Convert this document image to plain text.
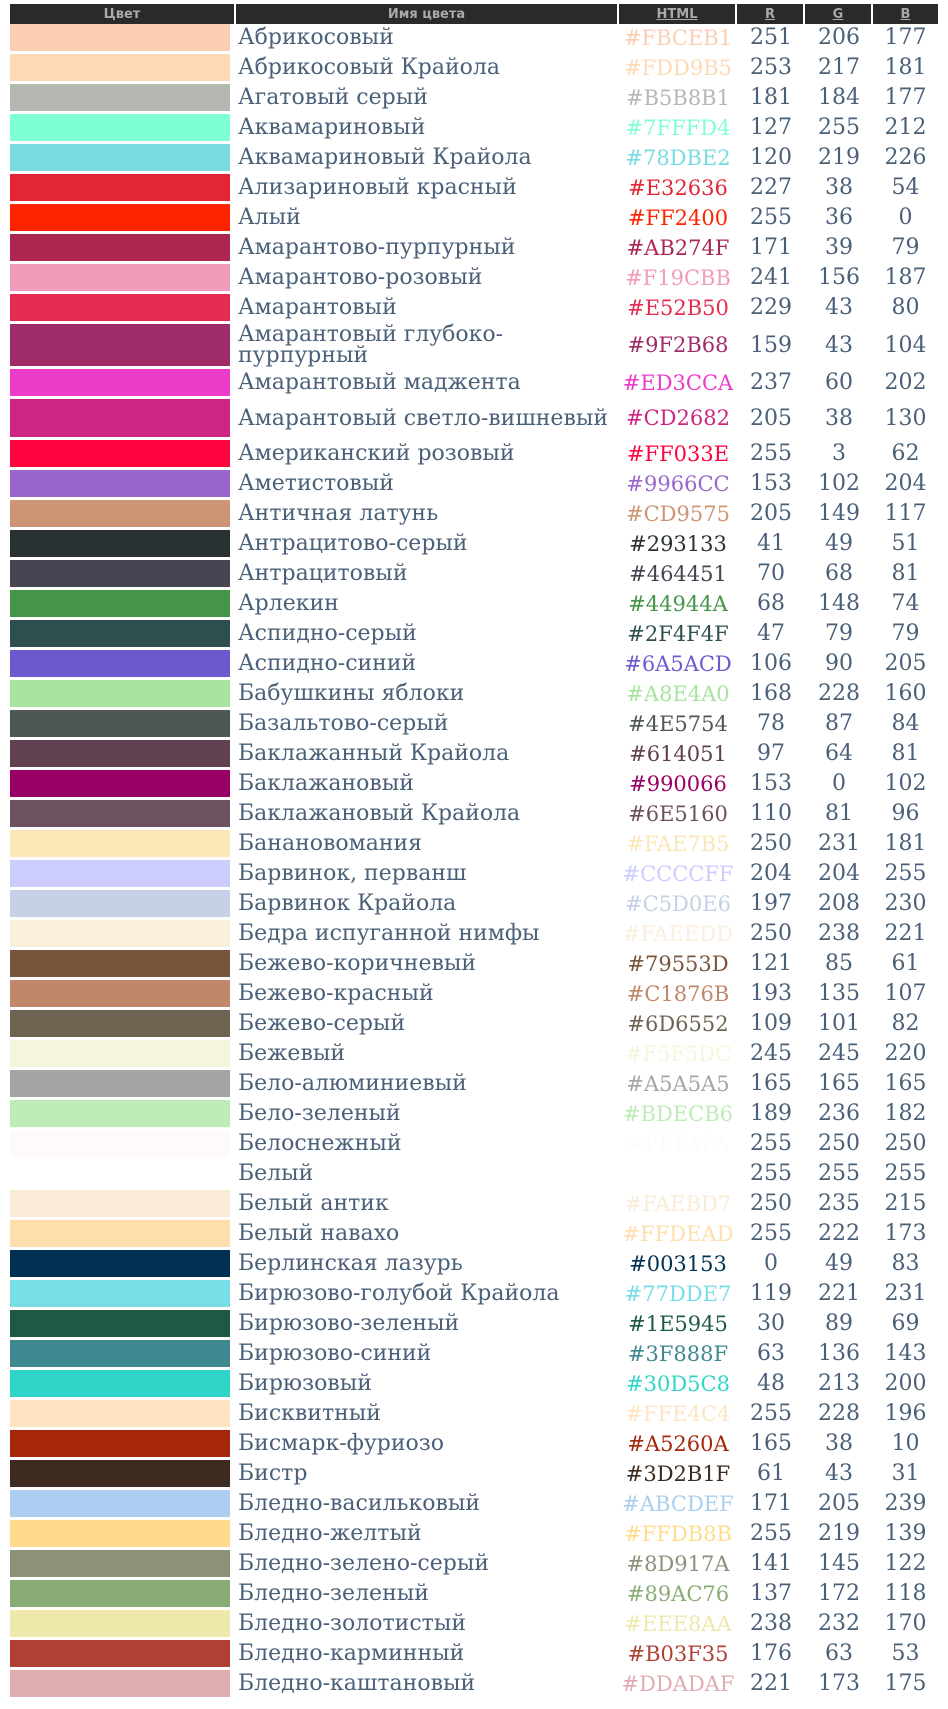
Цвет	Имя цвета	HTML	R	G	B
	Абрикосовый	#FBCEB1	251	206	177
	Абрикосовый Крайола	#FDD9B5	253	217	181
	Агатовый серый	#B5B8B1	181	184	177
	Аквамариновый	#7FFFD4	127	255	212
	Аквамариновый Крайола	#78DBE2	120	219	226
	Ализариновый красный	#E32636	227	38	54
	Алый	#FF2400	255	36	0
	Амарантово-пурпурный	#AB274F	171	39	79
	Амарантово-розовый	#F19CBB	241	156	187
	Амарантовый	#E52B50	229	43	80
	Амарантовый глубоко-пурпурный	#9F2B68	159	43	104
	Амарантовый маджента	#ED3CCA	237	60	202
	Амарантовый светло-вишневый	#CD2682	205	38	130
	Американский розовый	#FF033E	255	3	62
	Аметистовый	#9966CC	153	102	204
	Античная латунь	#CD9575	205	149	117
	Антрацитово-серый	#293133	41	49	51
	Антрацитовый	#464451	70	68	81
	Арлекин	#44944A	68	148	74
	Аспидно-серый	#2F4F4F	47	79	79
	Аспидно-синий	#6A5ACD	106	90	205
	Бабушкины яблоки	#A8E4A0	168	228	160
	Базальтово-серый	#4E5754	78	87	84
	Баклажанный Крайола	#614051	97	64	81
	Баклажановый	#990066	153	0	102
	Баклажановый Крайола	#6E5160	110	81	96
	Банановомания	#FAE7B5	250	231	181
	Барвинок, перванш	#CCCCFF	204	204	255
	Барвинок Крайола	#C5D0E6	197	208	230
	Бедра испуганной нимфы	#FAEEDD	250	238	221
	Бежево-коричневый	#79553D	121	85	61
	Бежево-красный	#C1876B	193	135	107
	Бежево-серый	#6D6552	109	101	82
	Бежевый	#F5F5DC	245	245	220
	Бело-алюминиевый	#A5A5A5	165	165	165
	Бело-зеленый	#BDECB6	189	236	182
	Белоснежный	#FFFAFA	255	250	250
	Белый	#FFFFFF	255	255	255
	Белый антик	#FAEBD7	250	235	215
	Белый навахо	#FFDEAD	255	222	173
	Берлинская лазурь	#003153	0	49	83
	Бирюзово-голубой Крайола	#77DDE7	119	221	231
	Бирюзово-зеленый	#1E5945	30	89	69
	Бирюзово-синий	#3F888F	63	136	143
	Бирюзовый	#30D5C8	48	213	200
	Бисквитный	#FFE4C4	255	228	196
	Бисмарк-фуриозо	#A5260A	165	38	10
	Бистр	#3D2B1F	61	43	31
	Бледно-васильковый	#ABCDEF	171	205	239
	Бледно-желтый	#FFDB8B	255	219	139
	Бледно-зелено-серый	#8D917A	141	145	122
	Бледно-зеленый	#89AC76	137	172	118
	Бледно-золотистый	#EEE8AA	238	232	170
	Бледно-карминный	#B03F35	176	63	53
	Бледно-каштановый	#DDADAF	221	173	175
